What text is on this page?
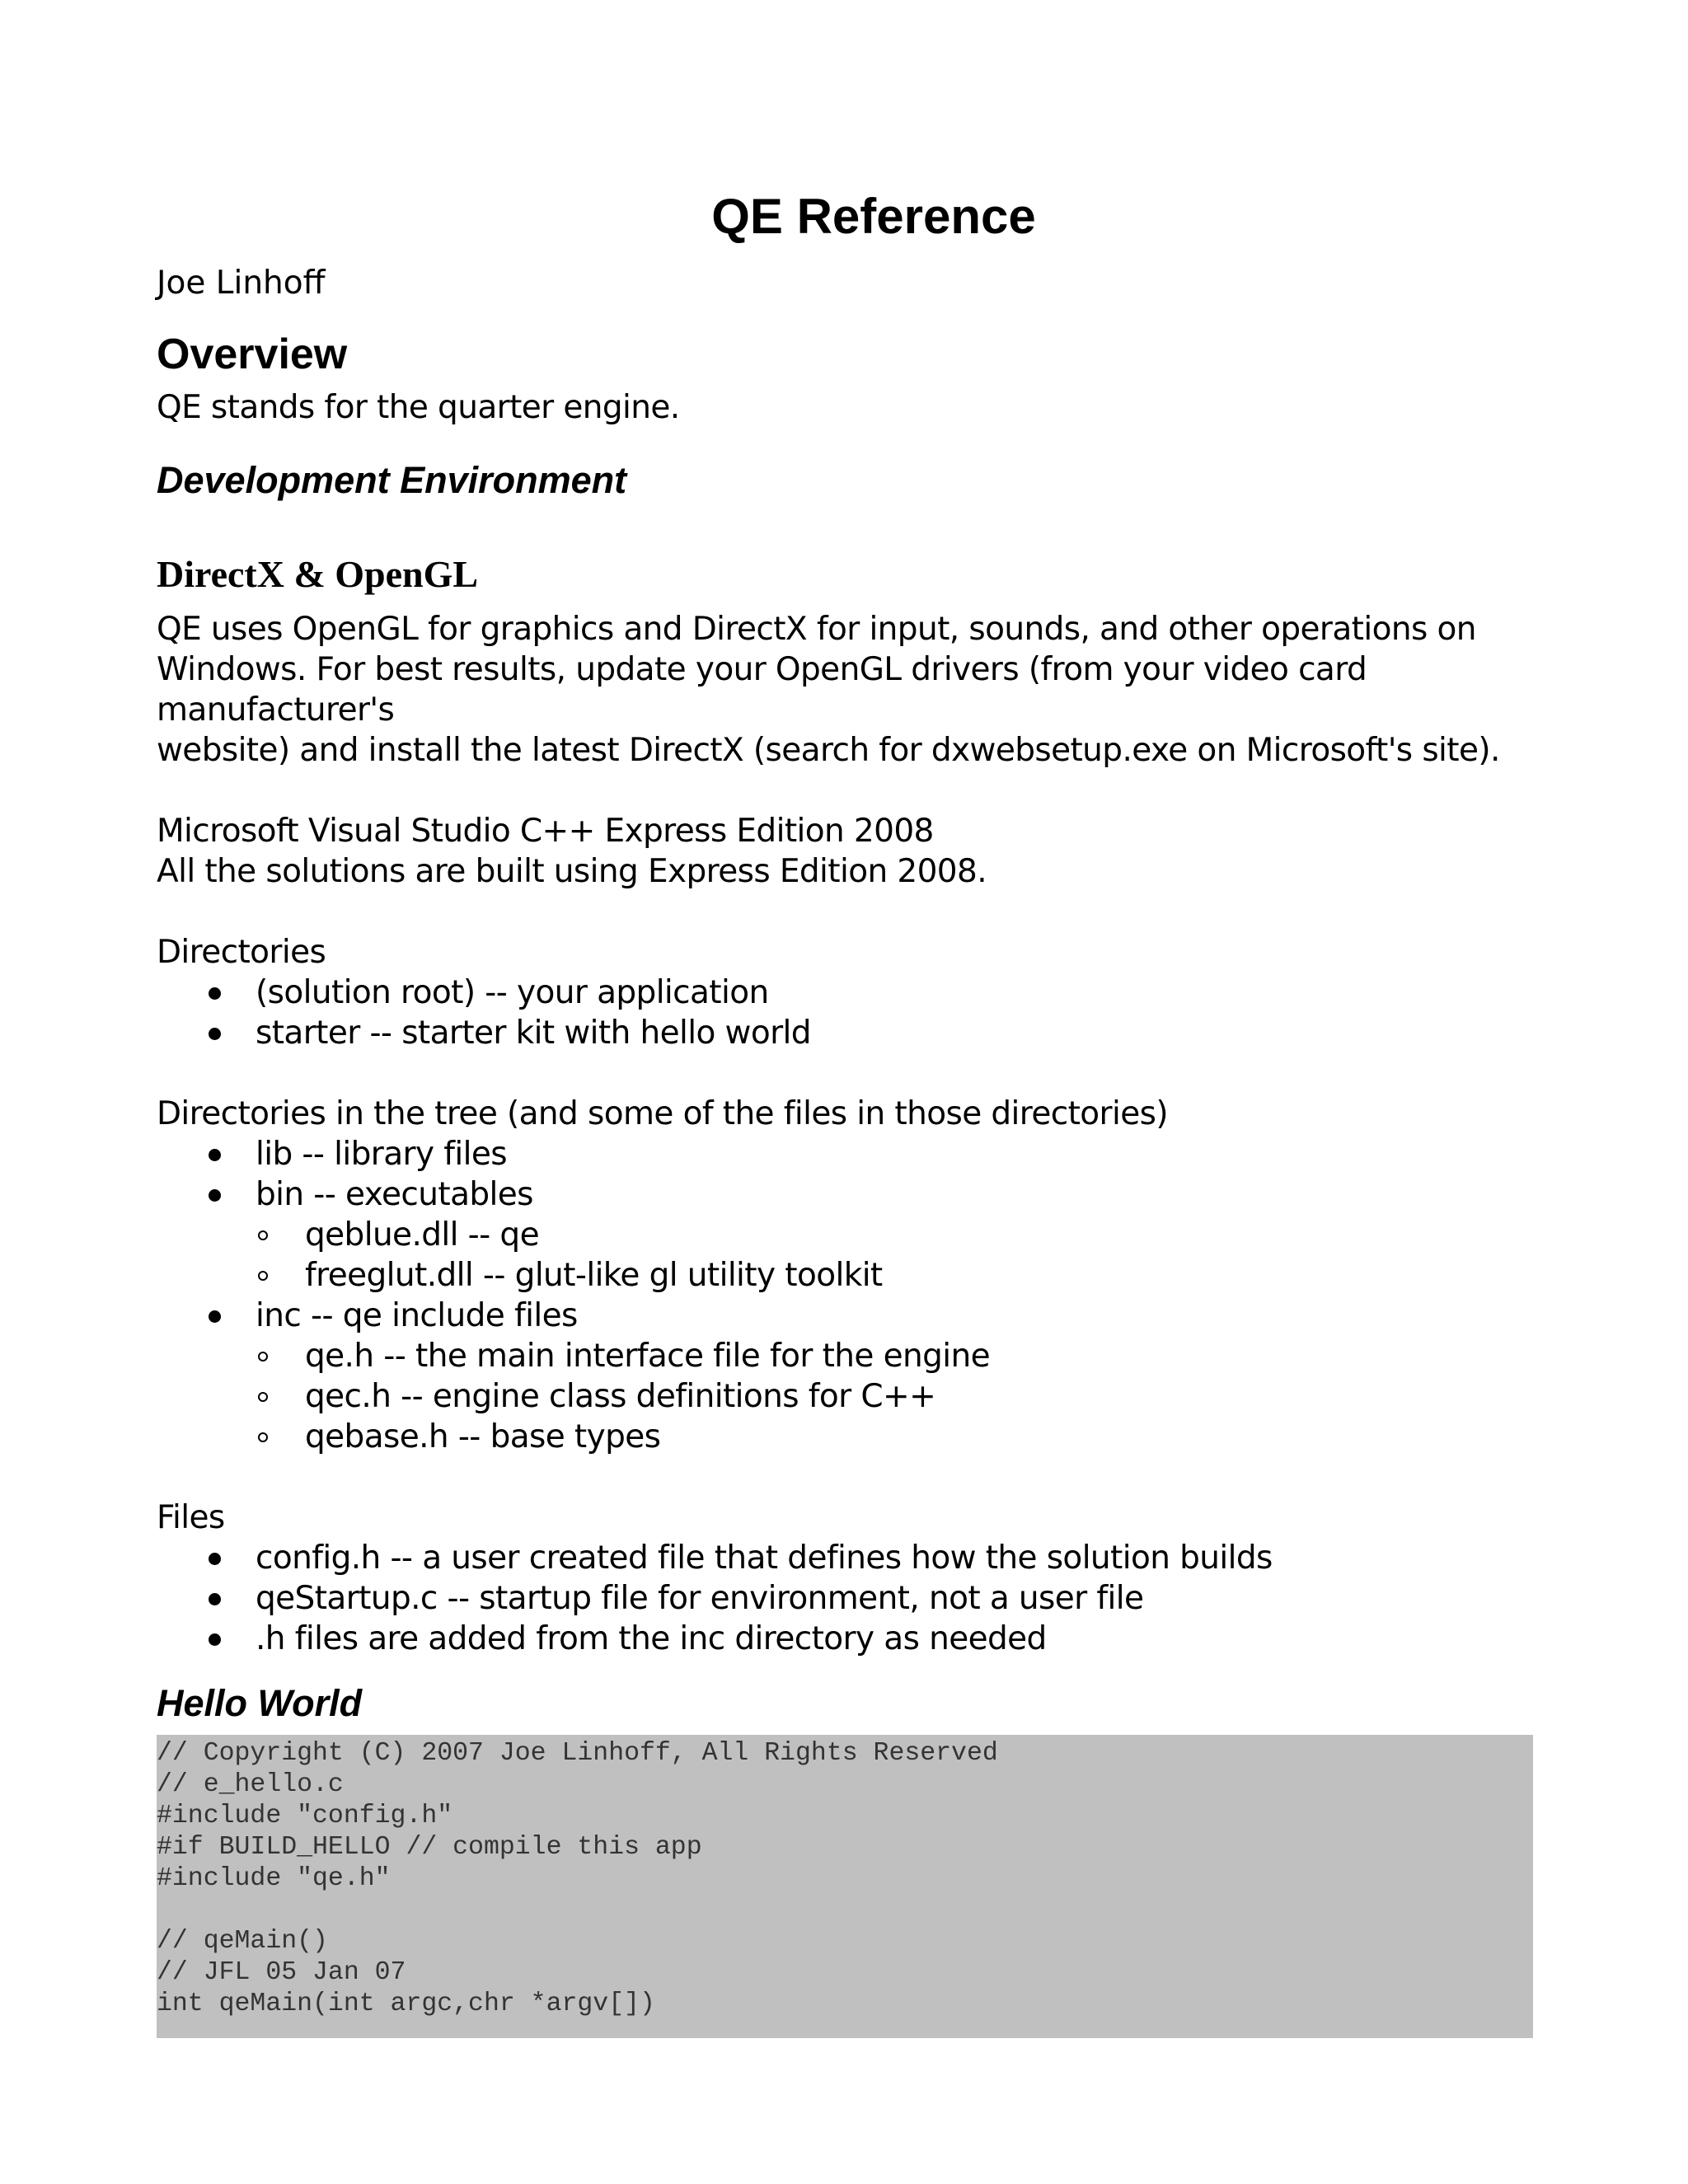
QE Reference

Joe Linhoff

Overview

QE stands for the quarter engine.

Development Environment
DirectX & OpenGL

QE uses OpenGL for graphics and DirectX for input, sounds, and other operations on

Windows. For best results, update your OpenGL drivers (from your video card manufacturer's

website) and install the latest DirectX (search for dxwebsetup.exe on Microsoft's site).

Microsoft Visual Studio C++ Express Edition 2008

All the solutions are built using Express Edition 2008.

Directories

(solution root) -- your application
starter -- starter kit with hello world

Directories in the tree (and some of the files in those directories)

lib -- library files
bin -- executables
qeblue.dll -- qe
freeglut.dll -- glut-like gl utility toolkit
inc -- qe include files
qe.h -- the main interface file for the engine
qec.h -- engine class definitions for C++
qebase.h -- base types

Files

config.h -- a user created file that defines how the solution builds
qeStartup.c -- startup file for environment, not a user file
.h files are added from the inc directory as needed
Hello World
// Copyright (C) 2007 Joe Linhoff, All Rights Reserved
// e_hello.c
#include "config.h"
#if BUILD_HELLO // compile this app
#include "qe.h"
// qeMain()
// JFL 05 Jan 07
int qeMain(int argc,chr *argv[])
